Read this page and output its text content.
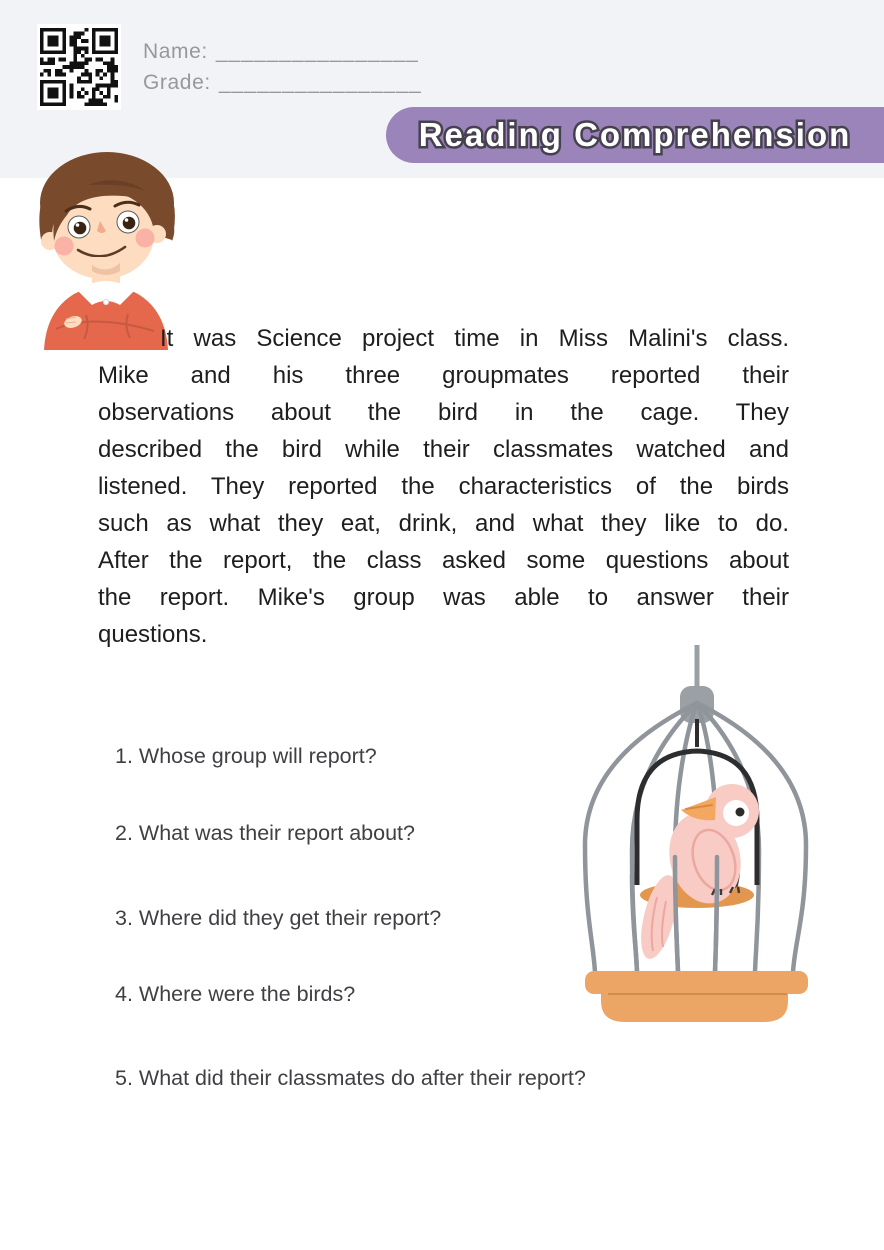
Name: ________________
Grade: ________________
Reading Comprehension
It was Science project time in Miss Malini's class.
Mike and his three groupmates reported their
observations about the bird in the cage. They
described the bird while their classmates watched and
listened. They reported the characteristics of the birds
such as what they eat, drink, and what they like to do.
After the report, the class asked some questions about
the report. Mike's group was able to answer their
questions.
1. Whose group will report?
2. What was their report about?
3. Where did they get their report?
4. Where were the birds?
5. What did their classmates do after their report?
